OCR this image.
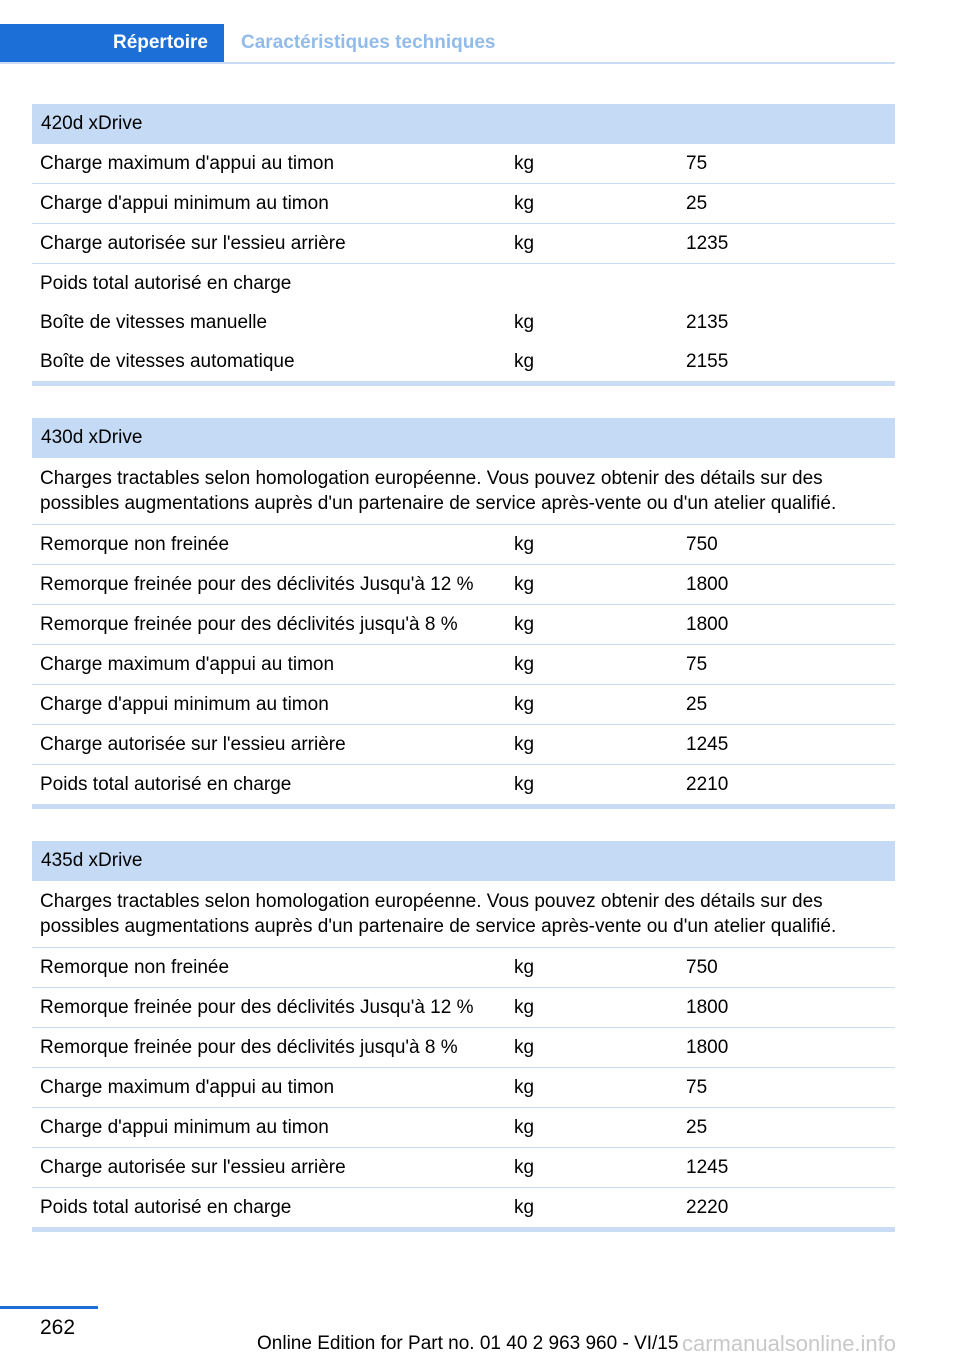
Répertoire	Caractéristiques techniques
420d xDrive
Charge maximum d'appui au timon	kg	75
Charge d'appui minimum au timon	kg	25
Charge autorisée sur l'essieu arrière	kg	1235
Poids total autorisé en charge
Boîte de vitesses manuelle	kg	2135
Boîte de vitesses automatique	kg	2155
430d xDrive
Charges tractables selon homologation européenne. Vous pouvez obtenir des détails sur des possibles augmentations auprès d'un partenaire de service après-vente ou d'un atelier qualifié.
Remorque non freinée	kg	750
Remorque freinée pour des déclivités Jusqu'à 12 %	kg	1800
Remorque freinée pour des déclivités jusqu'à 8 %	kg	1800
Charge maximum d'appui au timon	kg	75
Charge d'appui minimum au timon	kg	25
Charge autorisée sur l'essieu arrière	kg	1245
Poids total autorisé en charge	kg	2210
435d xDrive
Charges tractables selon homologation européenne. Vous pouvez obtenir des détails sur des possibles augmentations auprès d'un partenaire de service après-vente ou d'un atelier qualifié.
Remorque non freinée	kg	750
Remorque freinée pour des déclivités Jusqu'à 12 %	kg	1800
Remorque freinée pour des déclivités jusqu'à 8 %	kg	1800
Charge maximum d'appui au timon	kg	75
Charge d'appui minimum au timon	kg	25
Charge autorisée sur l'essieu arrière	kg	1245
Poids total autorisé en charge	kg	2220
262
Online Edition for Part no. 01 40 2 963 960 - VI/15 carmanualsonline.info
